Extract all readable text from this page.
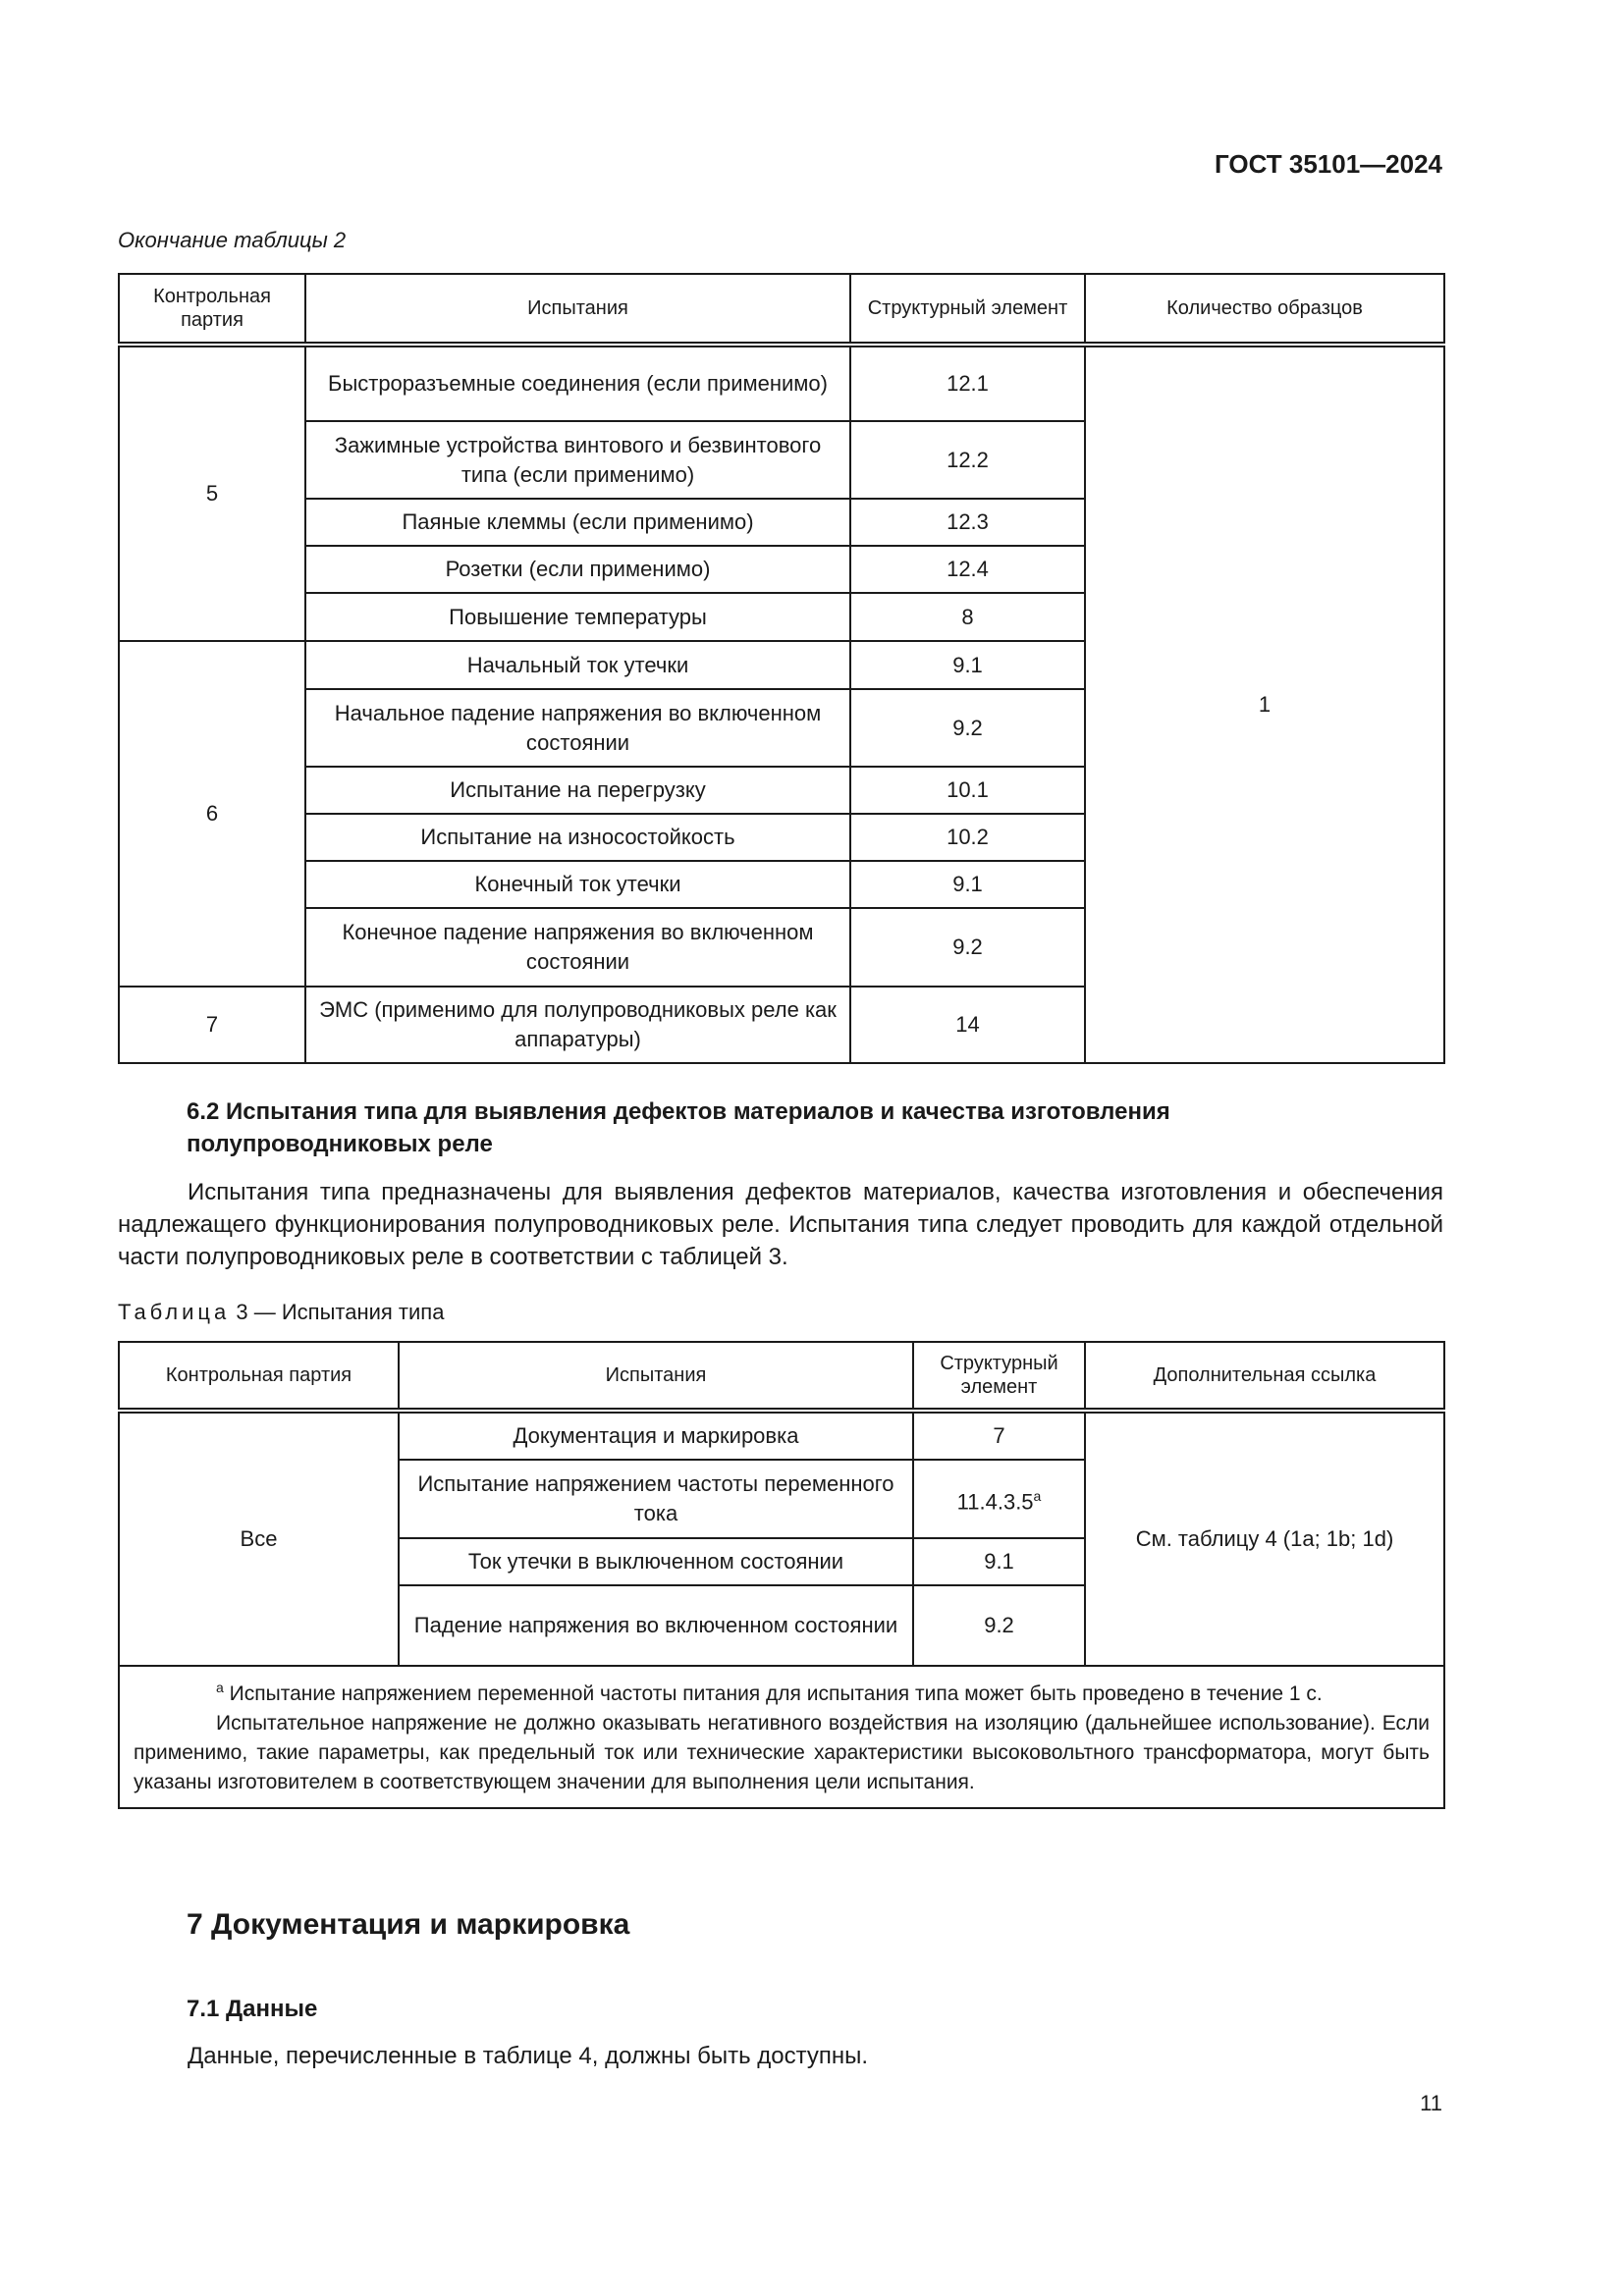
ГОСТ 35101—2024
Окончание таблицы 2
Контрольная партия	Испытания	Структурный элемент	Количество образцов
5	Быстроразъемные соединения (если применимо)	12.1	1
	Зажимные устройства винтового и безвинтового типа (если применимо)	12.2	
	Паяные клеммы (если применимо)	12.3	
	Розетки (если применимо)	12.4	
	Повышение температуры	8	
6	Начальный ток утечки	9.1	
	Начальное падение напряжения во включенном состоянии	9.2	
	Испытание на перегрузку	10.1	
	Испытание на износостойкость	10.2	
	Конечный ток утечки	9.1	
	Конечное падение напряжения во включенном состоянии	9.2	
7	ЭМС (применимо для полупроводниковых реле как аппаратуры)	14	
6.2 Испытания типа для выявления дефектов материалов и качества изготовления полупроводниковых реле
Испытания типа предназначены для выявления дефектов материалов, качества изготовления и обеспечения надлежащего функционирования полупроводниковых реле. Испытания типа следует проводить для каждой отдельной части полупроводниковых реле в соответствии с таблицей 3.
Таблица 3 — Испытания типа
Контрольная партия	Испытания	Структурный элемент	Дополнительная ссылка
Все	Документация и маркировка	7	См. таблицу 4 (1a; 1b; 1d)
	Испытание напряжением частоты переменного тока	11.4.3.5$^a$
	Ток утечки в выключенном состоянии	9.1	
	Падение напряжения во включенном состоянии	9.2	

$^a$ Испытание напряжением переменной частоты питания для испытания типа может быть проведено в течение 1 с.

Испытательное напряжение не должно оказывать негативного воздействия на изоляцию (дальнейшее использование). Если применимо, такие параметры, как предельный ток или технические характеристики высоковольтного трансформатора, могут быть указаны изготовителем в соответствующем значении для выполнения цели испытания.			

7 Документация и маркировка
7.1 Данные
Данные, перечисленные в таблице 4, должны быть доступны.
11
